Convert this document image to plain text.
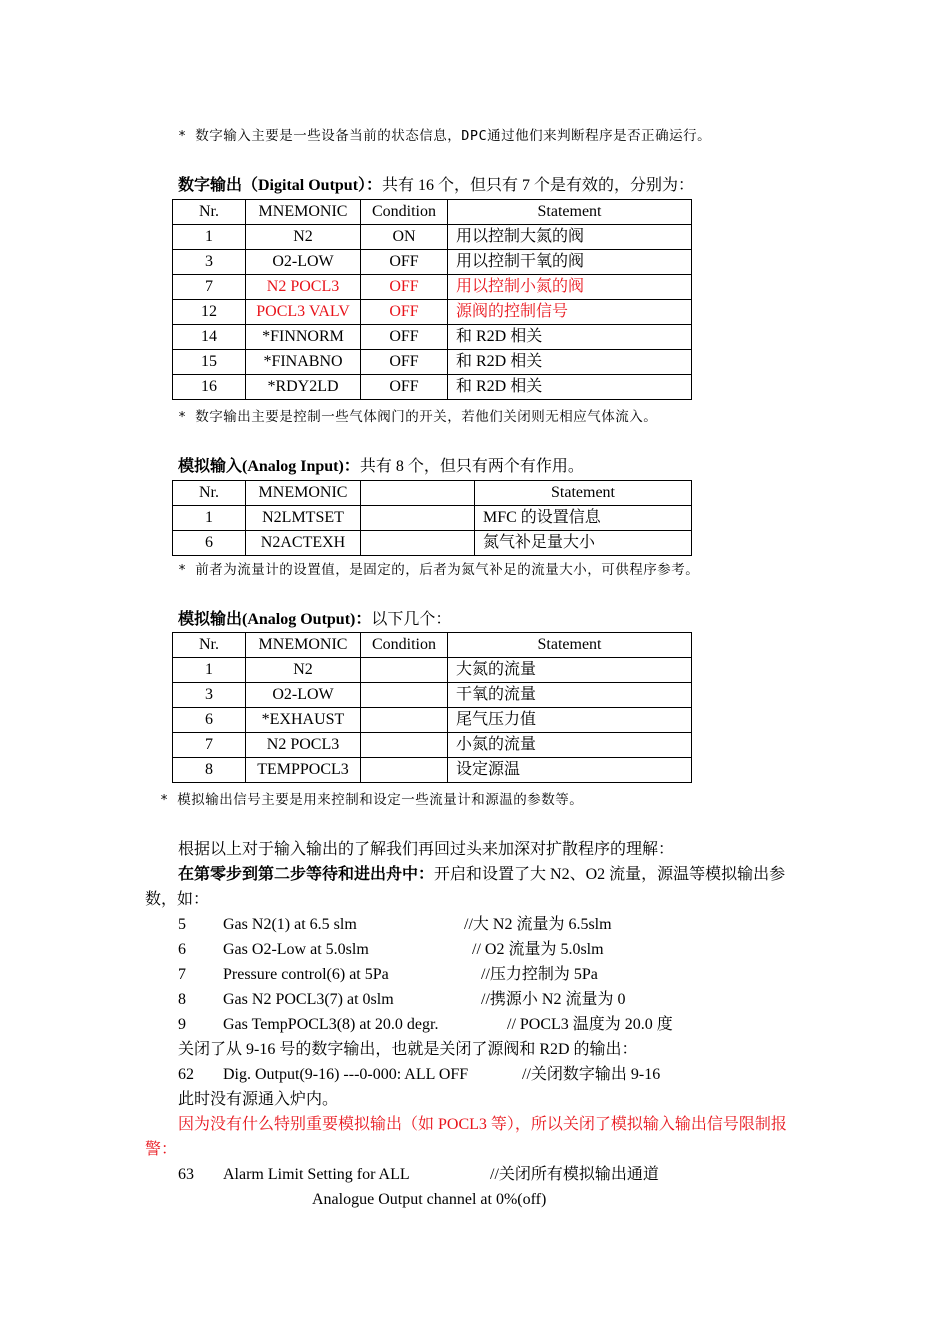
* 数字输入主要是一些设备当前的状态信息，DPC通过他们来判断程序是否正确运行。
数字输出（Digital Output）：共有 16 个，但只有 7 个是有效的，分别为：
Nr.	MNEMONIC	Condition	Statement
1	N2	ON	用以控制大氮的阀
3	O2-LOW	OFF	用以控制干氧的阀
7	N2 POCL3	OFF	用以控制小氮的阀
12	POCL3 VALV	OFF	源阀的控制信号
14	*FINNORM	OFF	和 R2D 相关
15	*FINABNO	OFF	和 R2D 相关
16	*RDY2LD	OFF	和 R2D 相关
* 数字输出主要是控制一些气体阀门的开关，若他们关闭则无相应气体流入。
模拟输入(Analog Input)：共有 8 个，但只有两个有作用。
Nr.	MNEMONIC		Statement
1	N2LMTSET		MFC 的设置信息
6	N2ACTEXH		氮气补足量大小
* 前者为流量计的设置值，是固定的，后者为氮气补足的流量大小，可供程序参考。
模拟输出(Analog Output)：以下几个：
Nr.	MNEMONIC	Condition	Statement
1	N2		大氮的流量
3	O2-LOW		干氧的流量
6	*EXHAUST		尾气压力值
7	N2 POCL3		小氮的流量
8	TEMPPOCL3		设定源温
* 模拟输出信号主要是用来控制和设定一些流量计和源温的参数等。
根据以上对于输入输出的了解我们再回过头来加深对扩散程序的理解：
在第零步到第二步等待和进出舟中：开启和设置了大 N2、O2 流量，源温等模拟输出参
数，如：
5 Gas N2(1) at 6.5 slm	//大 N2 流量为 6.5slm
6 Gas O2-Low at 5.0slm	// O2 流量为 5.0slm
7 Pressure control(6) at 5Pa	//压力控制为 5Pa
8 Gas N2 POCL3(7) at 0slm	//携源小 N2 流量为 0
9 Gas TempPOCL3(8) at 20.0 degr.	// POCL3 温度为 20.0 度
关闭了从 9-16 号的数字输出，也就是关闭了源阀和 R2D 的输出：
62 Dig. Output(9-16) ---0-000: ALL OFF	//关闭数字输出 9-16
此时没有源通入炉内。
因为没有什么特别重要模拟输出（如 POCL3 等），所以关闭了模拟输入输出信号限制报
警：
63 Alarm Limit Setting for ALL	//关闭所有模拟输出通道
Analogue Output channel at 0%(off)
